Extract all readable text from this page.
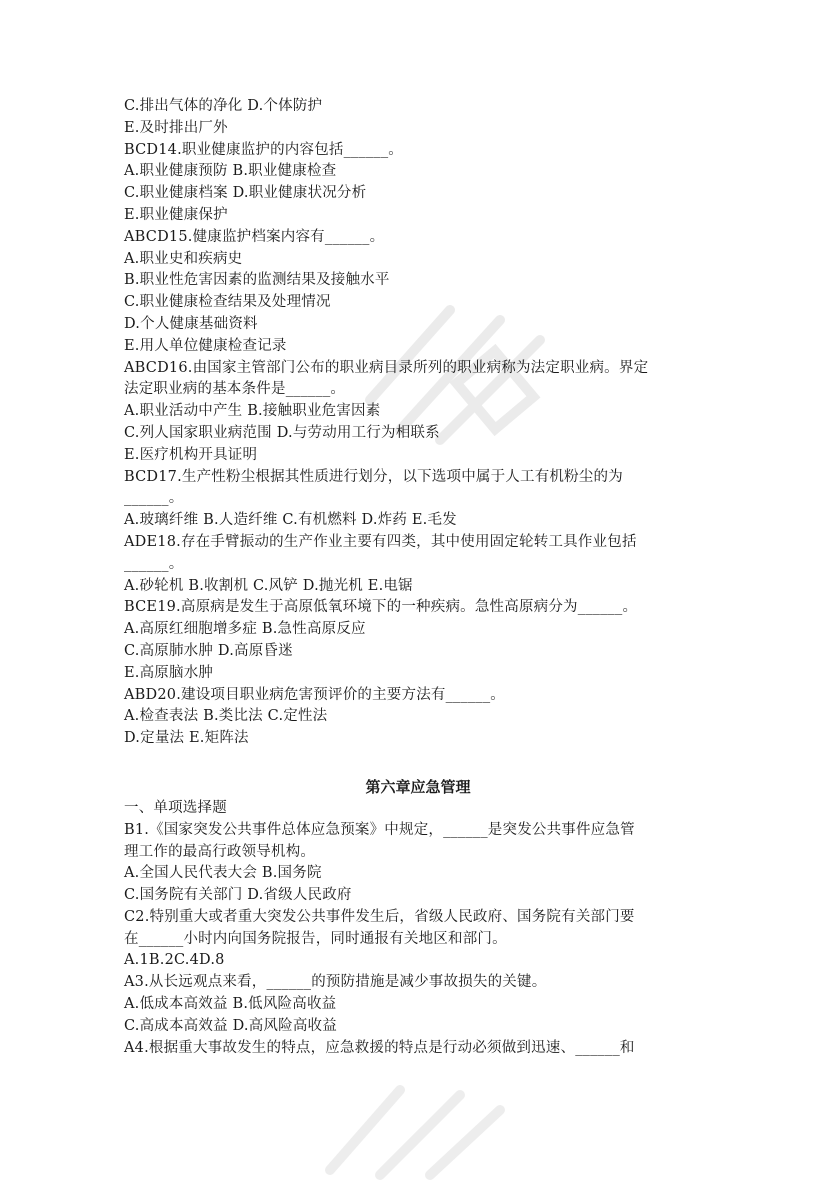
C.排出气体的净化 D.个体防护
E.及时排出厂外
BCD14.职业健康监护的内容包括______。
A.职业健康预防 B.职业健康检查
C.职业健康档案 D.职业健康状况分析
E.职业健康保护
ABCD15.健康监护档案内容有______。
A.职业史和疾病史
B.职业性危害因素的监测结果及接触水平
C.职业健康检查结果及处理情况
D.个人健康基础资料
E.用人单位健康检查记录
ABCD16.由国家主管部门公布的职业病目录所列的职业病称为法定职业病。界定
法定职业病的基本条件是______。
A.职业活动中产生 B.接触职业危害因素
C.列人国家职业病范围 D.与劳动用工行为相联系
E.医疗机构开具证明
BCD17.生产性粉尘根据其性质进行划分，以下选项中属于人工有机粉尘的为
______。
A.玻璃纤维 B.人造纤维 C.有机燃料 D.炸药 E.毛发
ADE18.存在手臂振动的生产作业主要有四类，其中使用固定轮转工具作业包括
______。
A.砂轮机 B.收割机 C.风铲 D.抛光机 E.电锯
BCE19.高原病是发生于高原低氧环境下的一种疾病。急性高原病分为______。
A.高原红细胞增多症 B.急性高原反应
C.高原肺水肿 D.高原昏迷
E.高原脑水肿
ABD20.建设项目职业病危害预评价的主要方法有______。
A.检查表法 B.类比法 C.定性法
D.定量法 E.矩阵法
第六章应急管理
一、单项选择题
B1.《国家突发公共事件总体应急预案》中规定，______是突发公共事件应急管
理工作的最高行政领导机构。
A.全国人民代表大会 B.国务院
C.国务院有关部门 D.省级人民政府
C2.特别重大或者重大突发公共事件发生后，省级人民政府、国务院有关部门要
在______小时内向国务院报告，同时通报有关地区和部门。
A.1B.2C.4D.8
A3.从长远观点来看，______的预防措施是减少事故损失的关键。
A.低成本高效益 B.低风险高收益
C.高成本高效益 D.高风险高收益
A4.根据重大事故发生的特点，应急救援的特点是行动必须做到迅速、______和
